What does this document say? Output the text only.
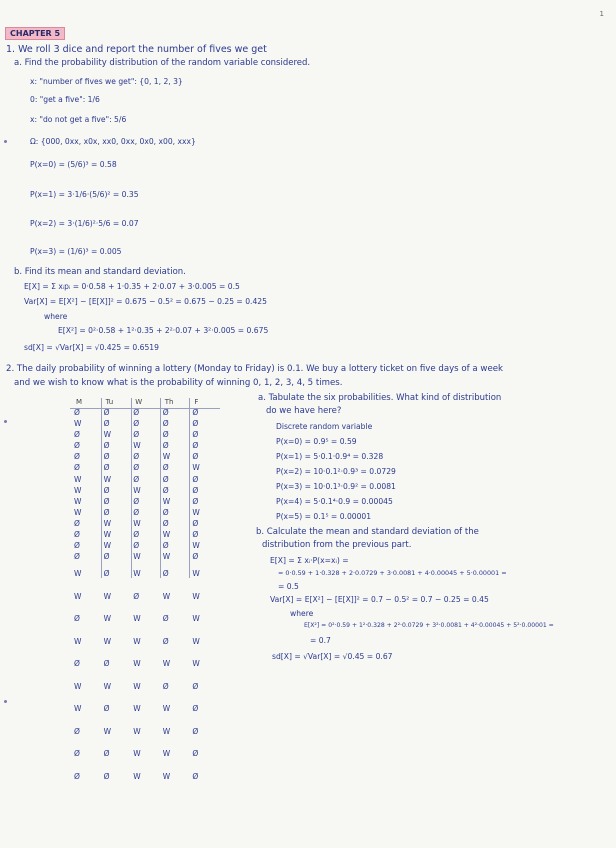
1
CHAPTER 5
1. We roll 3 dice and report the number of fives we get
a. Find the probability distribution of the random variable considered.
x: "number of fives we get": {0, 1, 2, 3}
0: "get a five": 1/6
x: "do not get a five": 5/6
Ω: {000, 0xx, x0x, xx0, 0xx, 0x0, x00, xxx}
P(x=0) = (5/6)³ = 0.58
P(x=1) = 3·1/6·(5/6)² = 0.35
P(x=2) = 3·(1/6)²·5/6 = 0.07
P(x=3) = (1/6)³ = 0.005
b. Find its mean and standard deviation.
E[X] = Σ xᵢpᵢ = 0·0.58 + 1·0.35 + 2·0.07 + 3·0.005 = 0.5
Var[X] = E[X²] − [E[X]]² = 0.675 − 0.5² = 0.675 − 0.25 = 0.425
where
E[X²] = 0²·0.58 + 1²·0.35 + 2²·0.07 + 3²·0.005 = 0.675
sd[X] = √Var[X] = √0.425 = 0.6519
2. The daily probability of winning a lottery (Monday to Friday) is 0.1. We buy a lottery ticket on five days of a week
and we wish to know what is the probability of winning 0, 1, 2, 3, 4, 5 times.
M	Tu	W	Th	F
Ø	Ø	Ø	Ø	Ø
W	Ø	Ø	Ø	Ø
Ø	W	Ø	Ø	Ø
Ø	Ø	W	Ø	Ø
Ø	Ø	Ø	W	Ø
Ø	Ø	Ø	Ø	W
W	W	Ø	Ø	Ø
W	Ø	W	Ø	Ø
W	Ø	Ø	W	Ø
W	Ø	Ø	Ø	W
Ø	W	W	Ø	Ø
Ø	W	Ø	W	Ø
Ø	W	Ø	Ø	W
Ø	Ø	W	W	Ø
W	Ø	W	Ø	W
W	W	Ø	W	W
Ø	W	W	Ø	W
W	W	W	Ø	W
Ø	Ø	W	W	W
W	W	W	Ø	Ø
W	Ø	W	W	Ø
Ø	W	W	W	Ø
Ø	Ø	W	W	Ø
Ø	Ø	W	W	Ø
a. Tabulate the six probabilities. What kind of distribution
do we have here?
Discrete random variable
P(x=0) = 0.9⁵ = 0.59
P(x=1) = 5·0.1·0.9⁴ = 0.328
P(x=2) = 10·0.1²·0.9³ = 0.0729
P(x=3) = 10·0.1³·0.9² = 0.0081
P(x=4) = 5·0.1⁴·0.9 = 0.00045
P(x=5) = 0.1⁵ = 0.00001
b. Calculate the mean and standard deviation of the
distribution from the previous part.
E[X] = Σ xᵢ·P(x=xᵢ) =
= 0·0.59 + 1·0.328 + 2·0.0729 + 3·0.0081 + 4·0.00045 + 5·0.00001 =
= 0.5
Var[X] = E[X²] − [E[X]]² = 0.7 − 0.5² = 0.7 − 0.25 = 0.45
where
E[X²] = 0²·0.59 + 1²·0.328 + 2²·0.0729 + 3²·0.0081 + 4²·0.00045 + 5²·0.00001 =
= 0.7
sd[X] = √Var[X] = √0.45 = 0.67
